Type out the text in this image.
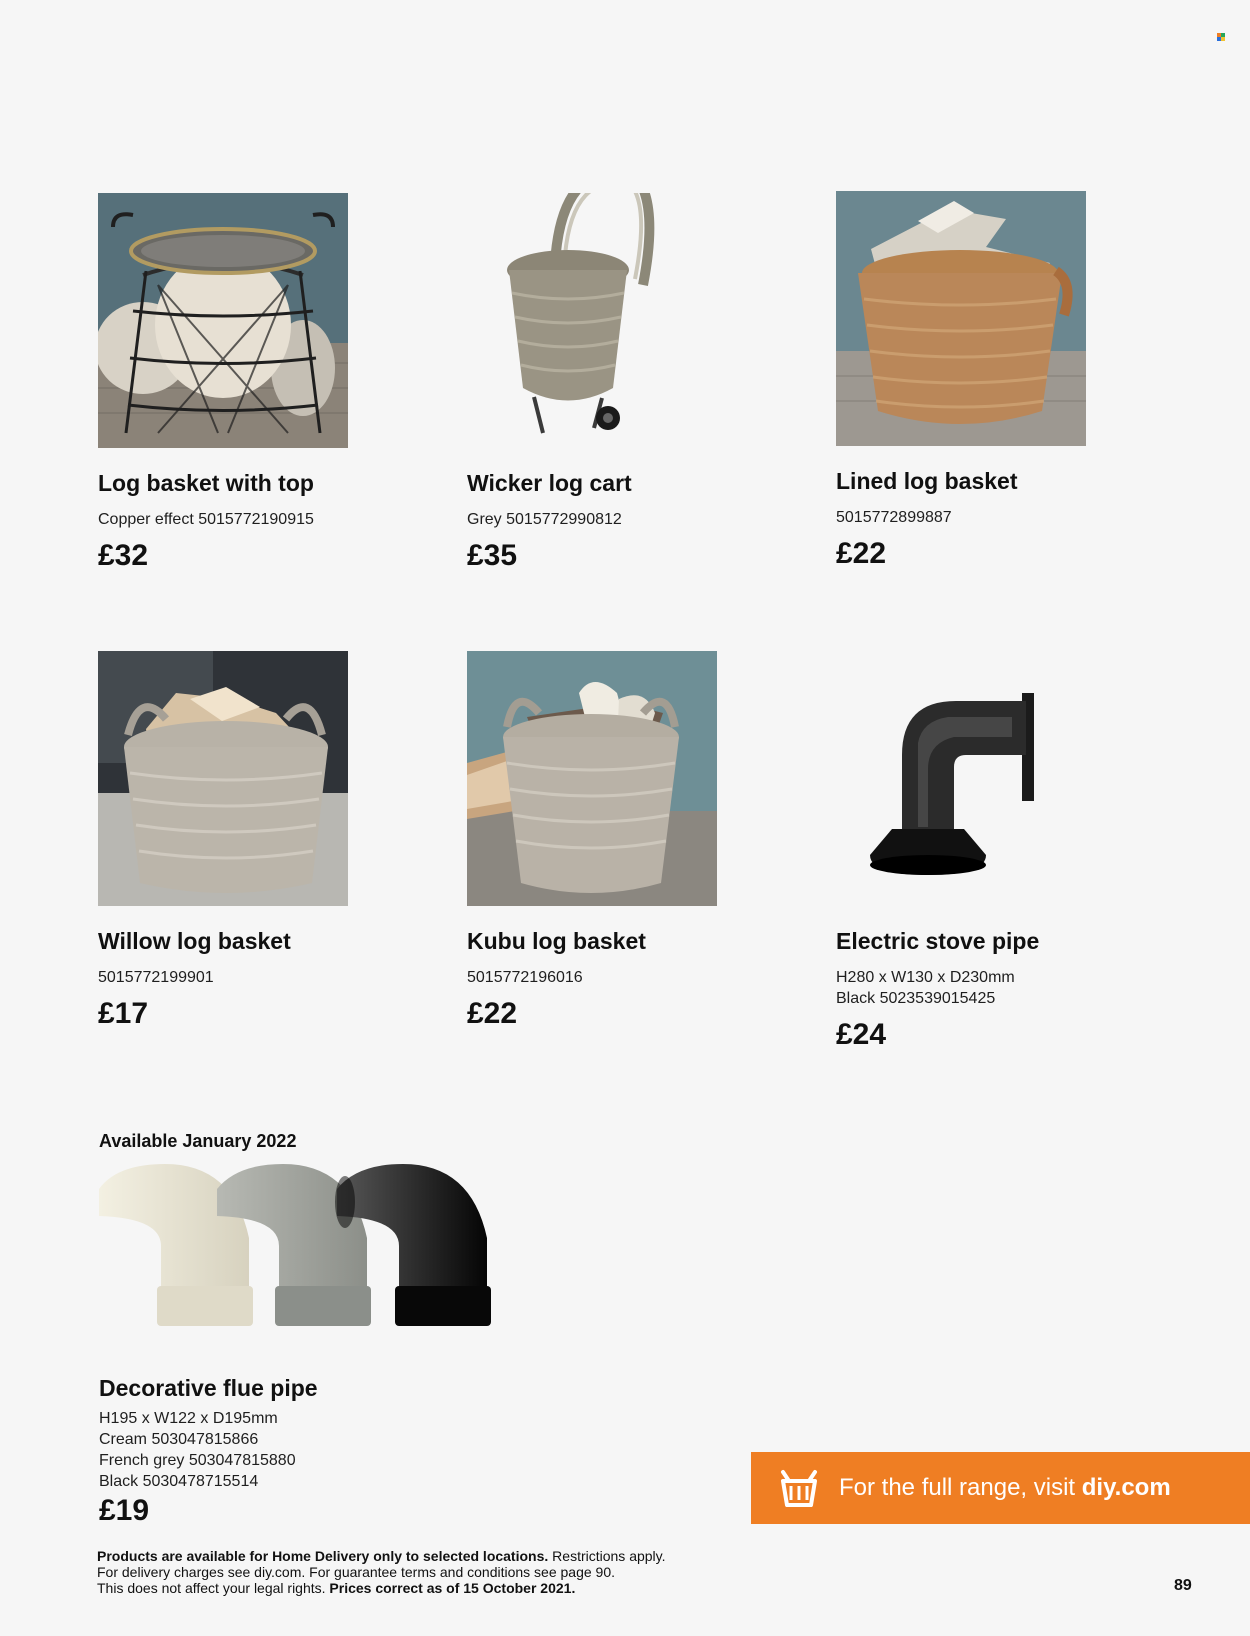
Log basket with top
Copper effect 5015772190915
£32
Wicker log cart
Grey 5015772990812
£35
Lined log basket
5015772899887
£22
Willow log basket
5015772199901
£17
Kubu log basket
5015772196016
£22
Electric stove pipe
H280 x W130 x D230mm
Black 5023539015425
£24
Available January 2022
Decorative flue pipe
H195 x W122 x D195mm
Cream 503047815866
French grey 503047815880
Black 5030478715514
£19
Products are available for Home Delivery only to selected locations. Restrictions apply.
For delivery charges see diy.com. For guarantee terms and conditions see page 90.
This does not affect your legal rights. Prices correct as of 15 October 2021.
For the full range, visit diy.com
89
